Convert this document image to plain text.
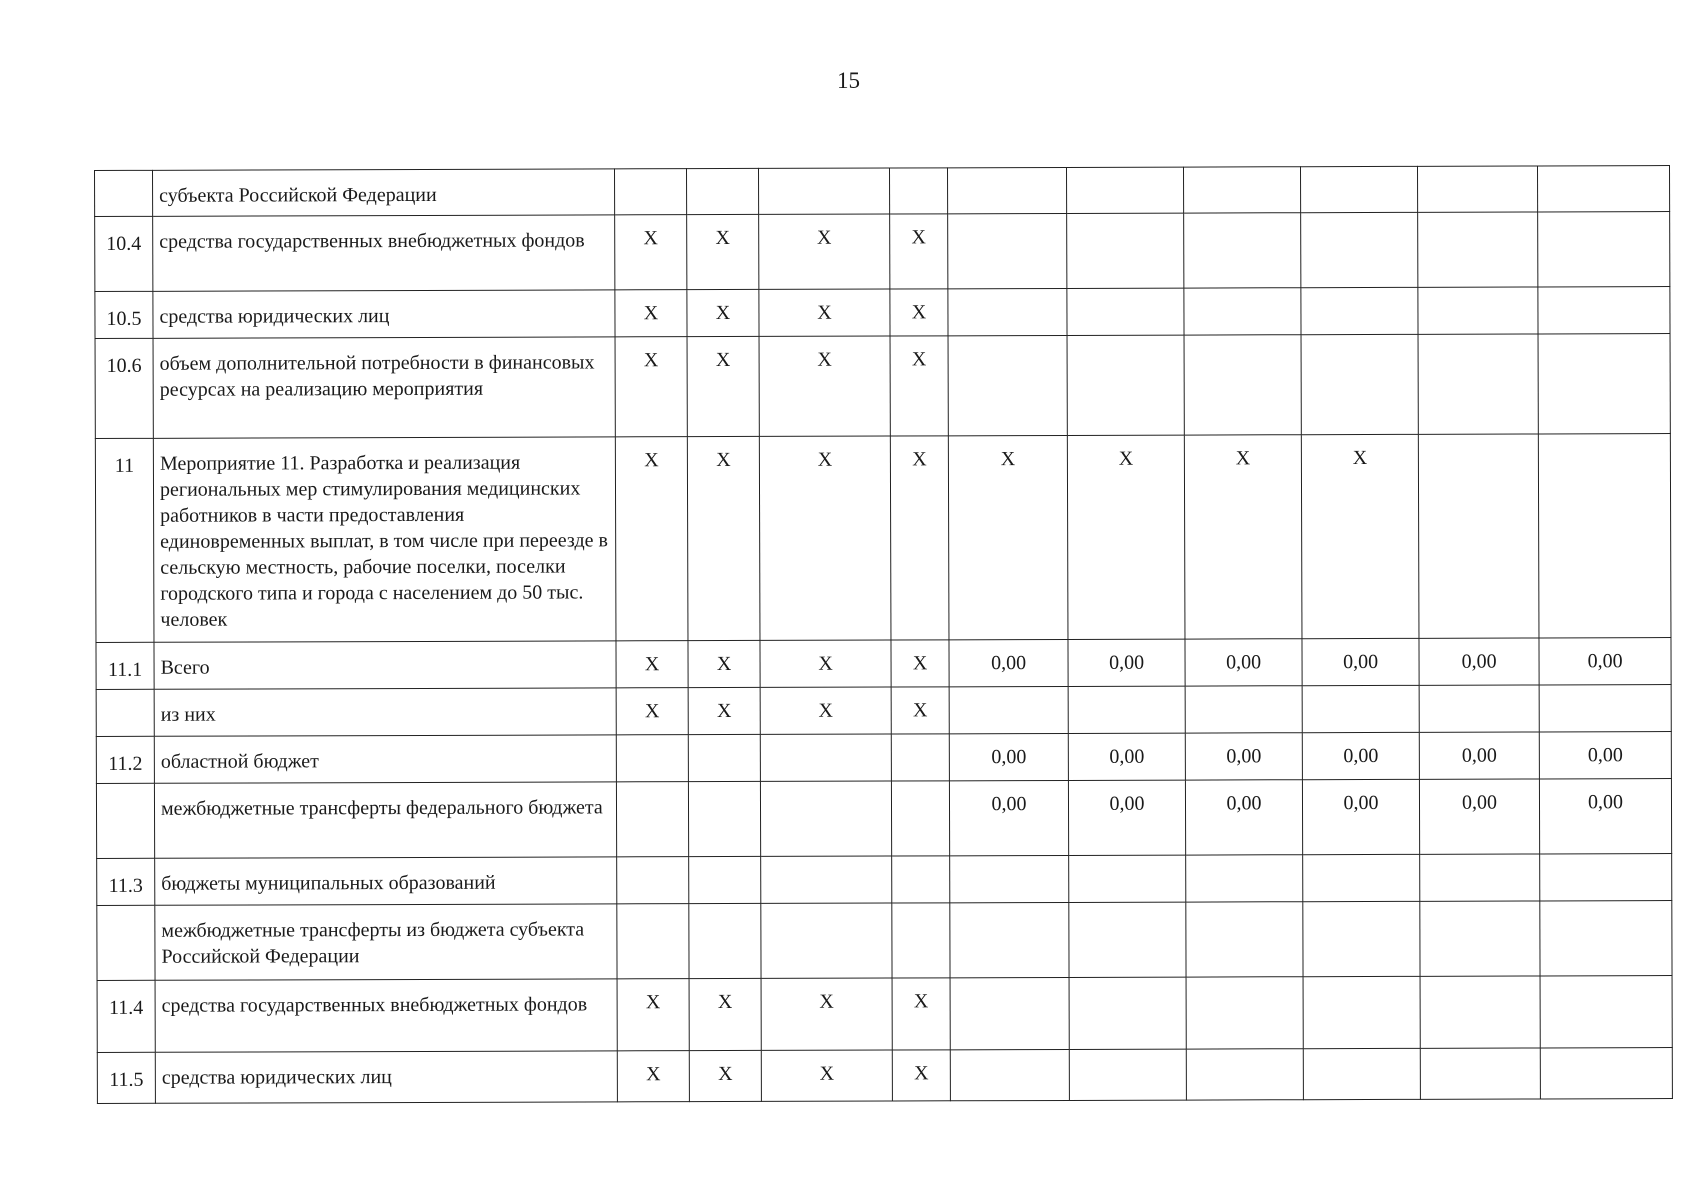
15
	субъекта Российской Федерации										
10.4	средства государственных внебюджетных фондов	X	X	X	X						
10.5	средства юридических лиц	X	X	X	X						
10.6	объем дополнительной потребности в финансовых ресурсах на реализацию мероприятия	X	X	X	X						
11	Мероприятие 11. Разработка и реализация региональных мер стимулирования медицинских работников в части предоставления единовременных выплат, в том числе при переезде в сельскую местность, рабочие поселки, поселки городского типа и города с населением до 50 тыс. человек	X	X	X	X	X	X	X	X		
11.1	Всего	X	X	X	X	0,00	0,00	0,00	0,00	0,00	0,00
	из них	X	X	X	X						
11.2	областной бюджет					0,00	0,00	0,00	0,00	0,00	0,00
	межбюджетные трансферты федерального бюджета					0,00	0,00	0,00	0,00	0,00	0,00
11.3	бюджеты муниципальных образований										
	межбюджетные трансферты из бюджета субъекта Российской Федерации										
11.4	средства государственных внебюджетных фондов	X	X	X	X						
11.5	средства юридических лиц	X	X	X	X						
